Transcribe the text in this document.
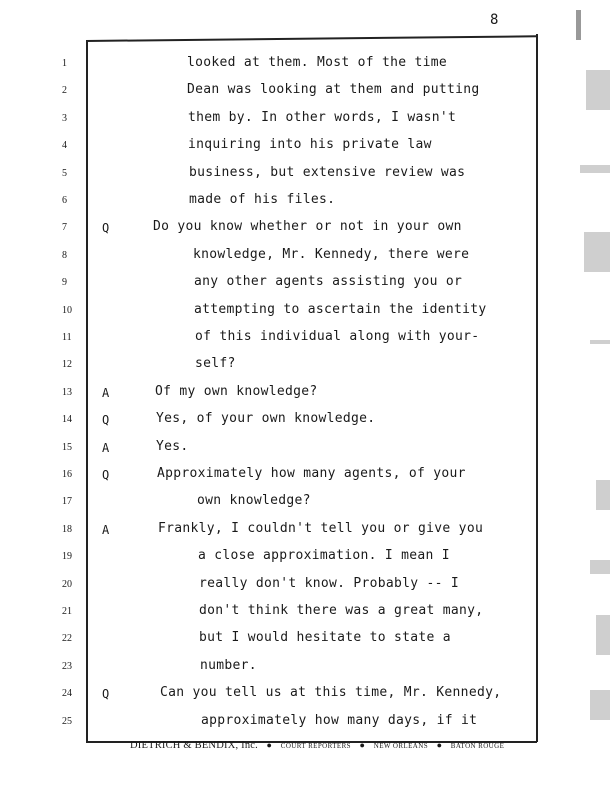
8
1	looked at them. Most of the time
2	Dean was looking at them and putting
3	them by. In other words, I wasn't
4	inquiring into his private law
5	business, but extensive review was
6	made of his files.
7	Q	Do you know whether or not in your own
8	knowledge, Mr. Kennedy, there were
9	any other agents assisting you or
10	attempting to ascertain the identity
11	of this individual along with your-
12	self?
13	A	Of my own knowledge?
14	Q	Yes, of your own knowledge.
15	A	Yes.
16	Q	Approximately how many agents, of your
17	own knowledge?
18	A	Frankly, I couldn't tell you or give you
19	a close approximation. I mean I
20	really don't know. Probably -- I
21	don't think there was a great many,
22	but I would hesitate to state a
23	number.
24	Q	Can you tell us at this time, Mr. Kennedy,
25	approximately how many days, if it
DIETRICH & BENDIX, Inc. ● COURT REPORTERS ● NEW ORLEANS ● BATON ROUGE
